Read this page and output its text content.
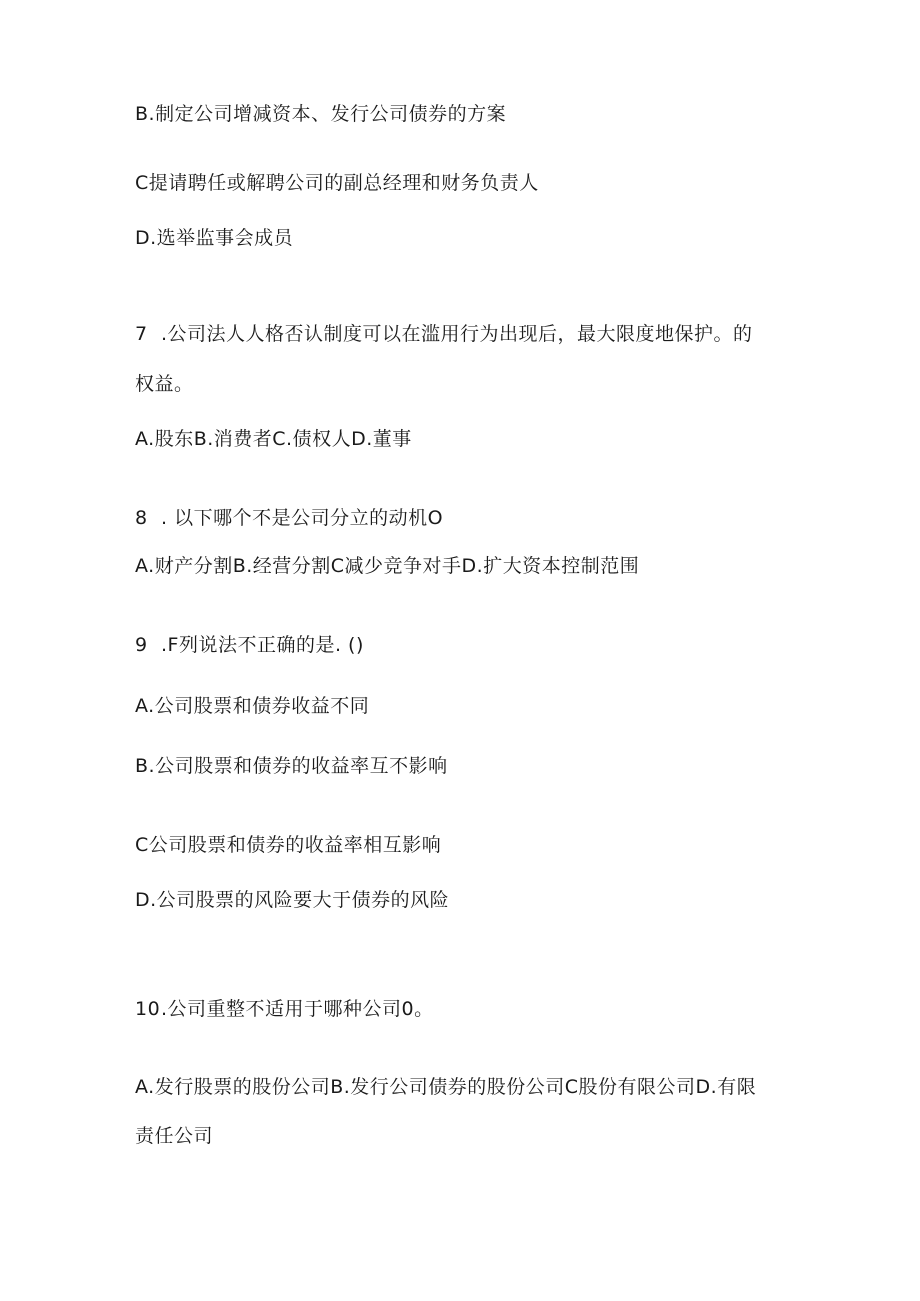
B.制定公司增减资本、发行公司债券的方案
C提请聘任或解聘公司的副总经理和财务负责人
D.选举监事会成员
7 .公司法人人格否认制度可以在滥用行为出现后，最大限度地保护。的
权益。
A.股东B.消费者C.债权人D.董事
8 . 以下哪个不是公司分立的动机O
A.财产分割B.经营分割C减少竞争对手D.扩大资本控制范围
9 .F列说法不正确的是. ()
A.公司股票和债券收益不同
B.公司股票和债券的收益率互不影响
C公司股票和债券的收益率相互影响
D.公司股票的风险要大于债券的风险
10.公司重整不适用于哪种公司0。
A.发行股票的股份公司B.发行公司债券的股份公司C股份有限公司D.有限
责任公司
